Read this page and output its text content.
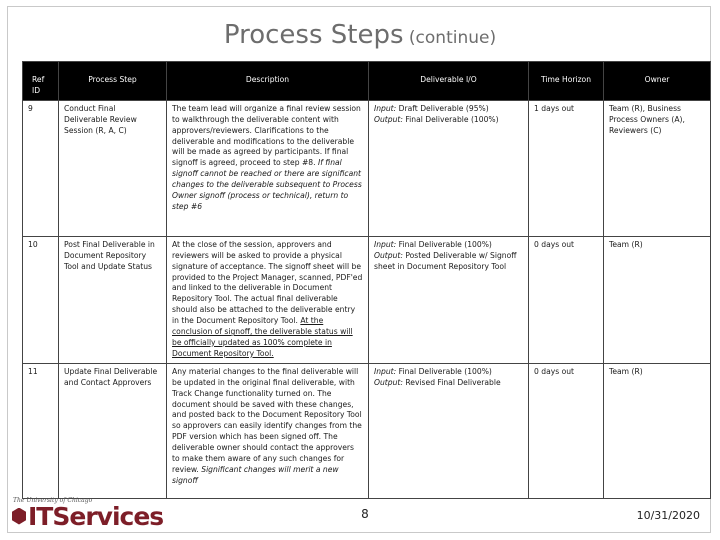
Process Steps (continue)
Ref ID	Process Step	Description	Deliverable I/O	Time Horizon	Owner
9	Conduct Final Deliverable Review Session (R, A, C)	The team lead will organize a final review session to walkthrough the deliverable content with approvers/reviewers. Clarifications to the deliverable and modifications to the deliverable will be made as agreed by participants. If final signoff is agreed, proceed to step #8. If final signoff cannot be reached or there are significant changes to the deliverable subsequent to Process Owner signoff (process or technical), return to step #6	Input: Draft Deliverable (95%)
Output: Final Deliverable (100%)	1 days out	Team (R), Business Process Owners (A), Reviewers (C)
10	Post Final Deliverable in Document Repository Tool and Update Status	At the close of the session, approvers and reviewers will be asked to provide a physical signature of acceptance. The signoff sheet will be provided to the Project Manager, scanned, PDF'ed and linked to the deliverable in Document Repository Tool. The actual final deliverable should also be attached to the deliverable entry in the Document Repository Tool. At the conclusion of signoff, the deliverable status will be officially updated as 100% complete in Document Repository Tool.	Input: Final Deliverable (100%)
Output: Posted Deliverable w/ Signoff sheet in Document Repository Tool	0 days out	Team (R)
11	Update Final Deliverable and Contact Approvers	Any material changes to the final deliverable will be updated in the original final deliverable, with Track Change functionality turned on. The document should be saved with these changes, and posted back to the Document Repository Tool so approvers can easily identify changes from the PDF version which has been signed off. The deliverable owner should contact the approvers to make them aware of any such changes for review. Significant changes will merit a new signoff	Input: Final Deliverable (100%)
Output: Revised Final Deliverable	0 days out	Team (R)
The University of Chicago
IT Services	8	10/31/2020
